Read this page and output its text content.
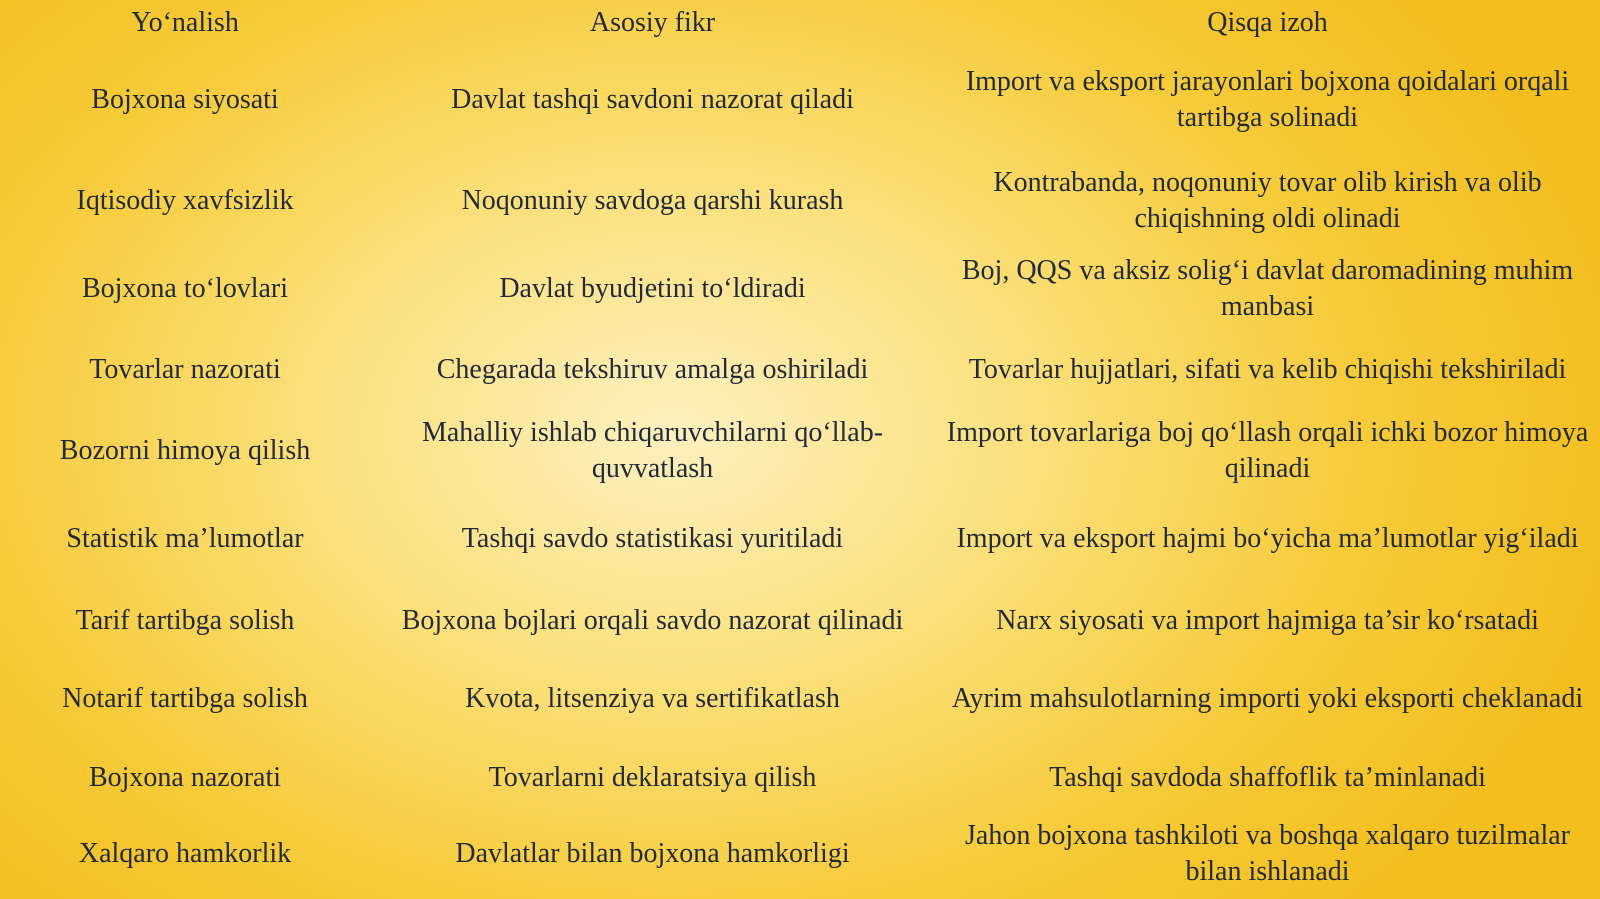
Yo‘nalish	Asosiy fikr	Qisqa izoh
Bojxona siyosati	Davlat tashqi savdoni nazorat qiladi	Import va eksport jarayonlari bojxona qoidalari orqali tartibga solinadi
Iqtisodiy xavfsizlik	Noqonuniy savdoga qarshi kurash	Kontrabanda, noqonuniy tovar olib kirish va olib chiqishning oldi olinadi
Bojxona to‘lovlari	Davlat byudjetini to‘ldiradi	Boj, QQS va aksiz solig‘i davlat daromadining muhim manbasi
Tovarlar nazorati	Chegarada tekshiruv amalga oshiriladi	Tovarlar hujjatlari, sifati va kelib chiqishi tekshiriladi
Bozorni himoya qilish	Mahalliy ishlab chiqaruvchilarni qo‘llab-quvvatlash	Import tovarlariga boj qo‘llash orqali ichki bozor himoya qilinadi
Statistik ma’lumotlar	Tashqi savdo statistikasi yuritiladi	Import va eksport hajmi bo‘yicha ma’lumotlar yig‘iladi
Tarif tartibga solish	Bojxona bojlari orqali savdo nazorat qilinadi	Narx siyosati va import hajmiga ta’sir ko‘rsatadi
Notarif tartibga solish	Kvota, litsenziya va sertifikatlash	Ayrim mahsulotlarning importi yoki eksporti cheklanadi
Bojxona nazorati	Tovarlarni deklaratsiya qilish	Tashqi savdoda shaffoflik ta’minlanadi
Xalqaro hamkorlik	Davlatlar bilan bojxona hamkorligi	Jahon bojxona tashkiloti va boshqa xalqaro tuzilmalar bilan ishlanadi
